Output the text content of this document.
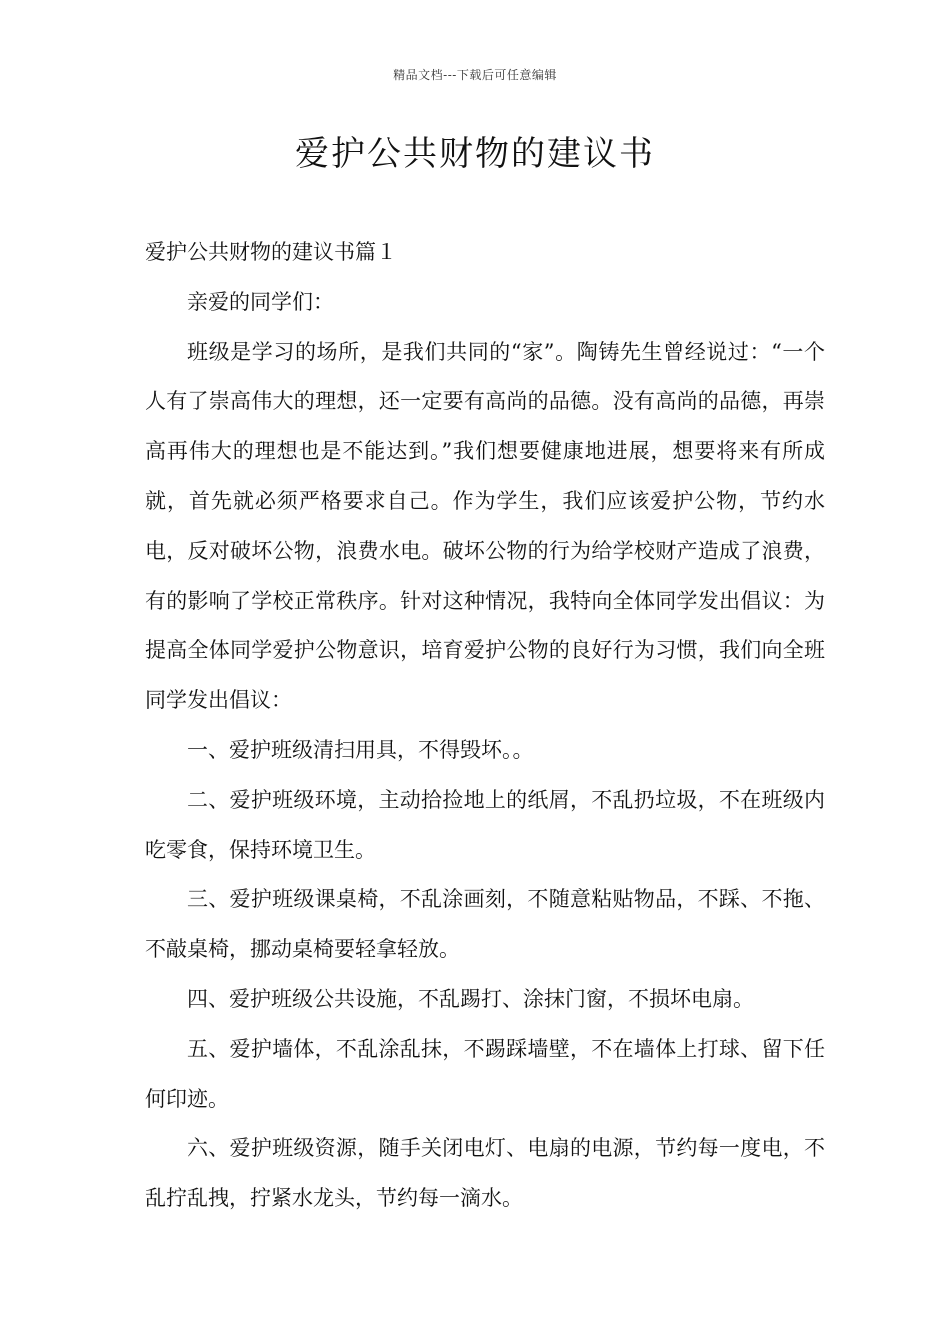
精品文档---下载后可任意编辑
爱护公共财物的建议书

爱护公共财物的建议书篇１

亲爱的同学们：

班级是学习的场所，是我们共同的“家”。陶铸先生曾经说过：“一个人有了崇高伟大的理想，还一定要有高尚的品德。没有高尚的品德，再崇高再伟大的理想也是不能达到。”我们想要健康地进展，想要将来有所成就，首先就必须严格要求自己。作为学生，我们应该爱护公物，节约水电，反对破坏公物，浪费水电。破坏公物的行为给学校财产造成了浪费，有的影响了学校正常秩序。针对这种情况，我特向全体同学发出倡议：为提高全体同学爱护公物意识，培育爱护公物的良好行为习惯，我们向全班同学发出倡议：

一、爱护班级清扫用具，不得毁坏。。

二、爱护班级环境，主动拾捡地上的纸屑，不乱扔垃圾，不在班级内吃零食，保持环境卫生。

三、爱护班级课桌椅，不乱涂画刻，不随意粘贴物品，不踩、不拖、不敲桌椅，挪动桌椅要轻拿轻放。

四、爱护班级公共设施，不乱踢打、涂抹门窗，不损坏电扇。

五、爱护墙体，不乱涂乱抹，不踢踩墙壁，不在墙体上打球、留下任何印迹。

六、爱护班级资源，随手关闭电灯、电扇的电源，节约每一度电，不乱拧乱拽，拧紧水龙头，节约每一滴水。
